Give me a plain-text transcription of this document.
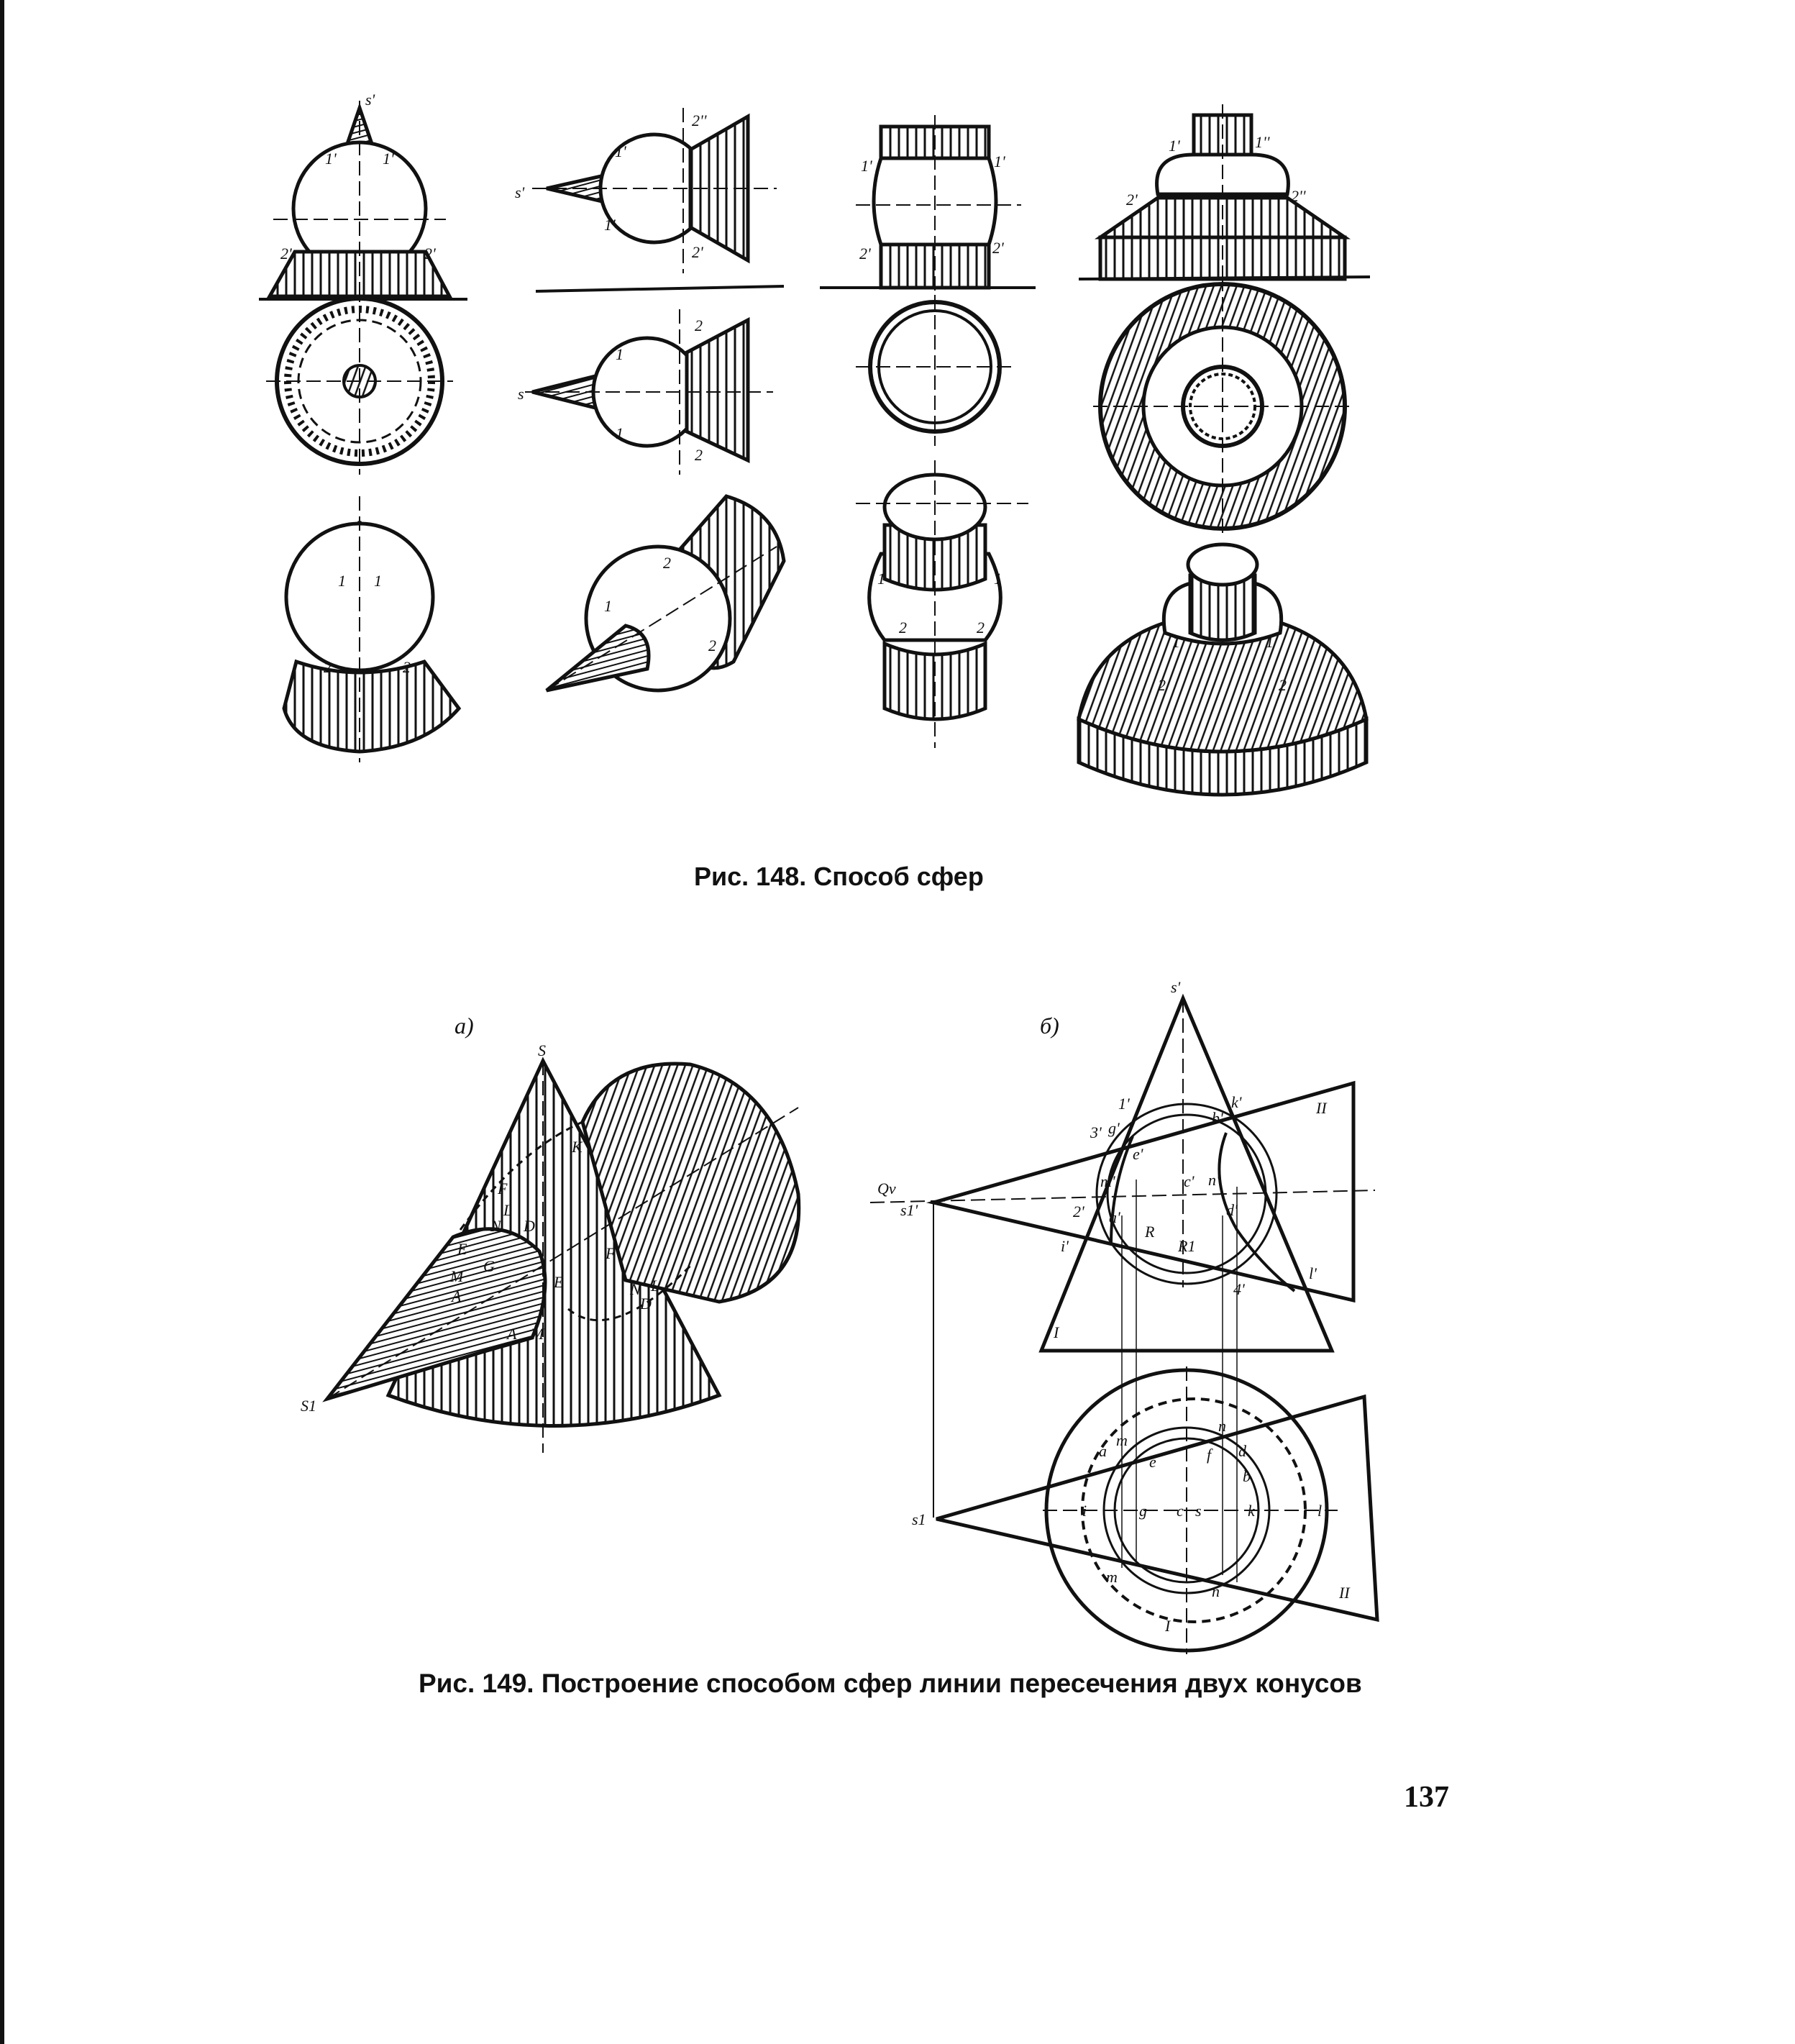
s'
1'	1'
2'	2'
s'
1'
1'
2''
2'
s
1
1
2
2
1'	1'
2'	2'
1'	1''
2'	2''
1 1
2	2
1
2
2
1	1
2	2
1	1
2	2
S
K
F
L
N D
E
G
M
A
E
F
N
D
L
A M
S1
s'
Qv
s1'
II
I
R
R1
1'
2'
3' g'
e'
m'
a'
c' n'
d'
k'
b'
i'
l'
4'
s1
a
m
e
i	g c s
n
f d
b
k	l
m
n	II
I
а)	б)
Рис. 148. Способ сфер
Рис. 149. Построение способом сфер линии пересечения двух конусов
137
